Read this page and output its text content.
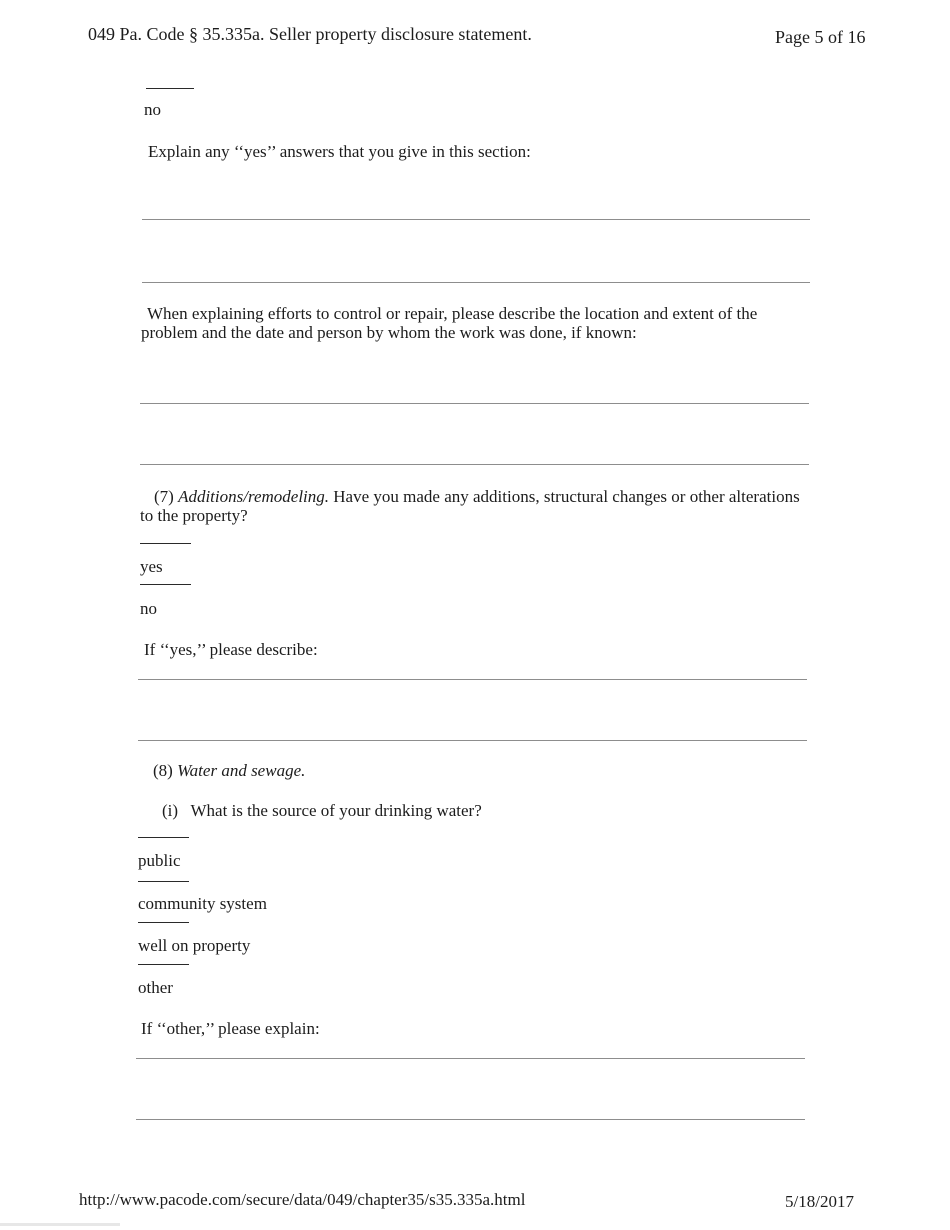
049 Pa. Code § 35.335a. Seller property disclosure statement.	Page 5 of 16
no
Explain any ‘‘yes’’ answers that you give in this section:
When explaining efforts to control or repair, please describe the location and extent of the problem and the date and person by whom the work was done, if known:
(7) Additions/remodeling. Have you made any additions, structural changes or other alterations to the property?
yes
no
If ‘‘yes,’’ please describe:
(8) Water and sewage.
(i) What is the source of your drinking water?
public
community system
well on property
other
If ‘‘other,’’ please explain:
http://www.pacode.com/secure/data/049/chapter35/s35.335a.html	5/18/2017
